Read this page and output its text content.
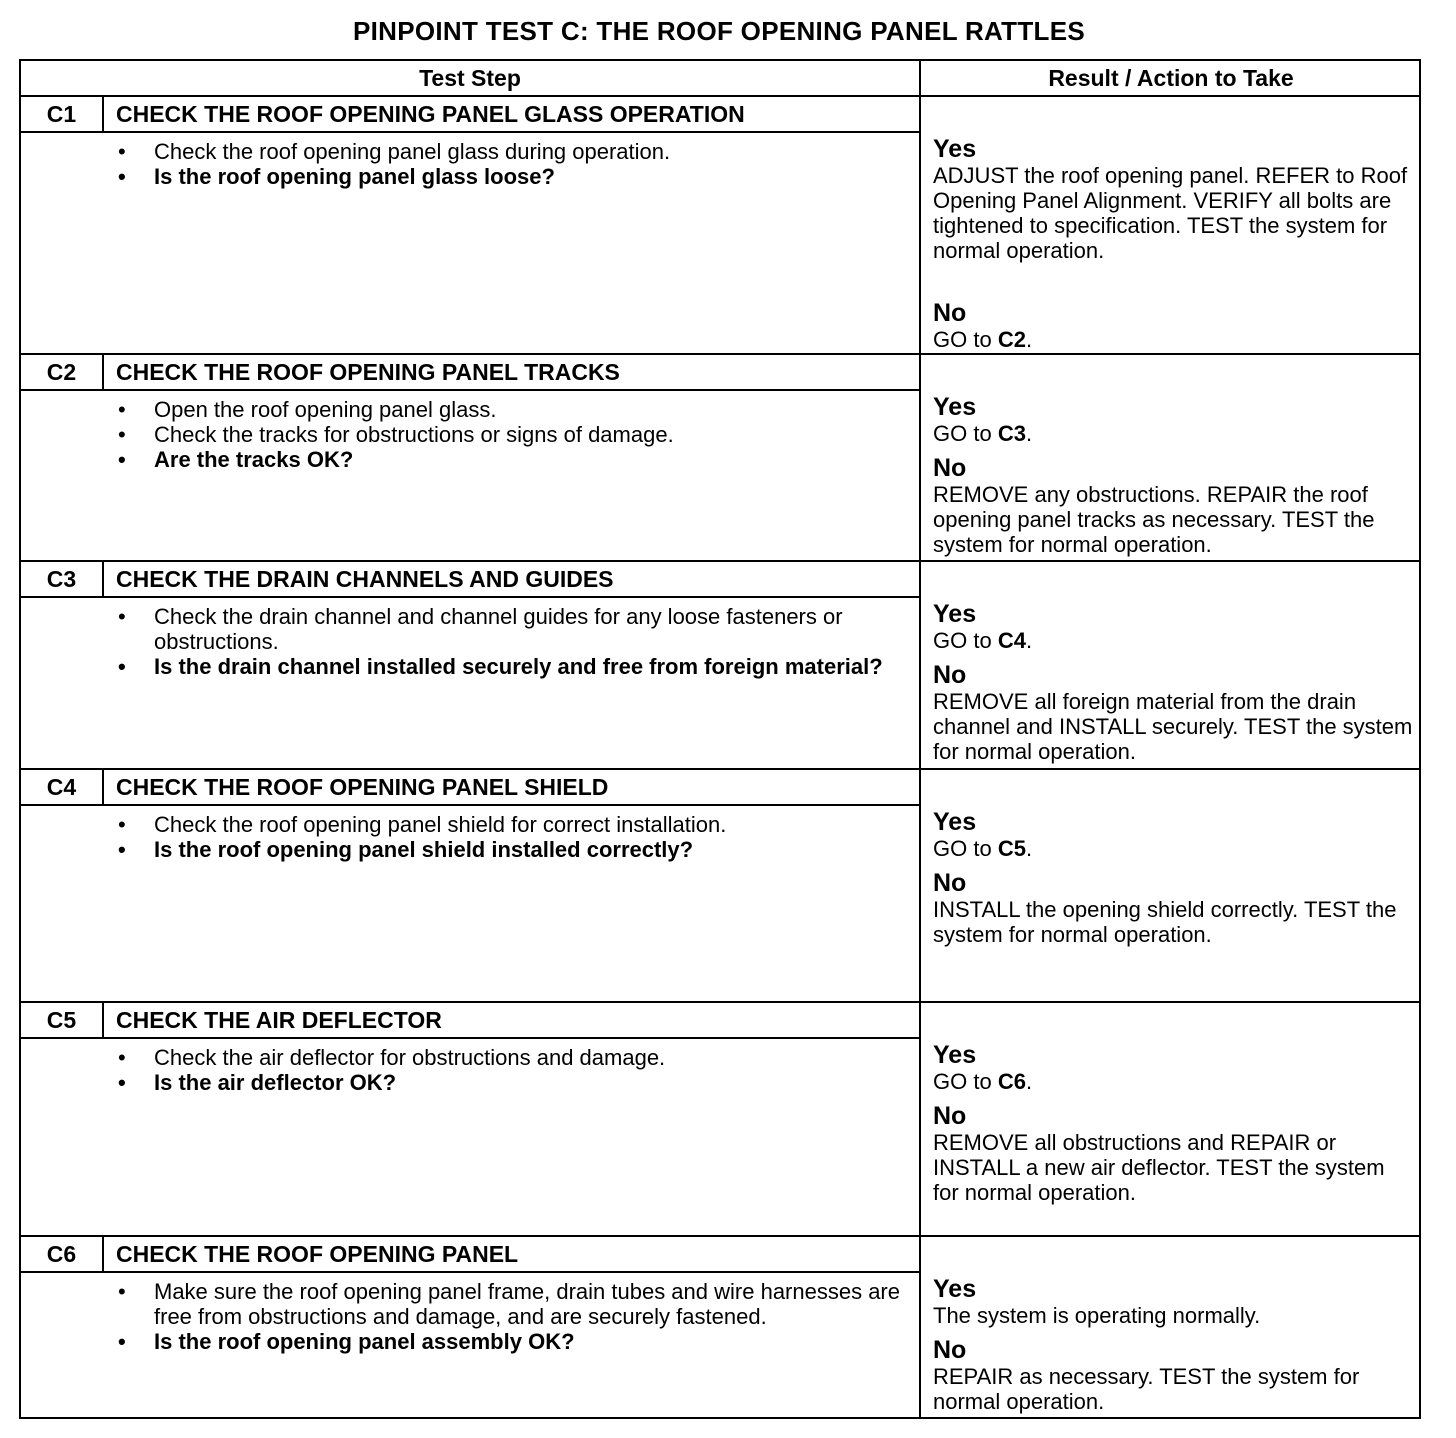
PINPOINT TEST C: THE ROOF OPENING PANEL RATTLES
Test Step	Result / Action to Take
C1	CHECK THE ROOF OPENING PANEL GLASS OPERATION
• Check the roof opening panel glass during operation.
• Is the roof opening panel glass loose?
Yes
ADJUST the roof opening panel. REFER to Roof Opening Panel Alignment. VERIFY all bolts are tightened to specification. TEST the system for normal operation.
No
GO to C2.
C2	CHECK THE ROOF OPENING PANEL TRACKS
• Open the roof opening panel glass.
• Check the tracks for obstructions or signs of damage.
• Are the tracks OK?
Yes
GO to C3.
No
REMOVE any obstructions. REPAIR the roof opening panel tracks as necessary. TEST the system for normal operation.
C3	CHECK THE DRAIN CHANNELS AND GUIDES
• Check the drain channel and channel guides for any loose fasteners or obstructions.
• Is the drain channel installed securely and free from foreign material?
Yes
GO to C4.
No
REMOVE all foreign material from the drain channel and INSTALL securely. TEST the system for normal operation.
C4	CHECK THE ROOF OPENING PANEL SHIELD
• Check the roof opening panel shield for correct installation.
• Is the roof opening panel shield installed correctly?
Yes
GO to C5.
No
INSTALL the opening shield correctly. TEST the system for normal operation.
C5	CHECK THE AIR DEFLECTOR
• Check the air deflector for obstructions and damage.
• Is the air deflector OK?
Yes
GO to C6.
No
REMOVE all obstructions and REPAIR or INSTALL a new air deflector. TEST the system for normal operation.
C6	CHECK THE ROOF OPENING PANEL
• Make sure the roof opening panel frame, drain tubes and wire harnesses are free from obstructions and damage, and are securely fastened.
• Is the roof opening panel assembly OK?
Yes
The system is operating normally.
No
REPAIR as necessary. TEST the system for normal operation.
